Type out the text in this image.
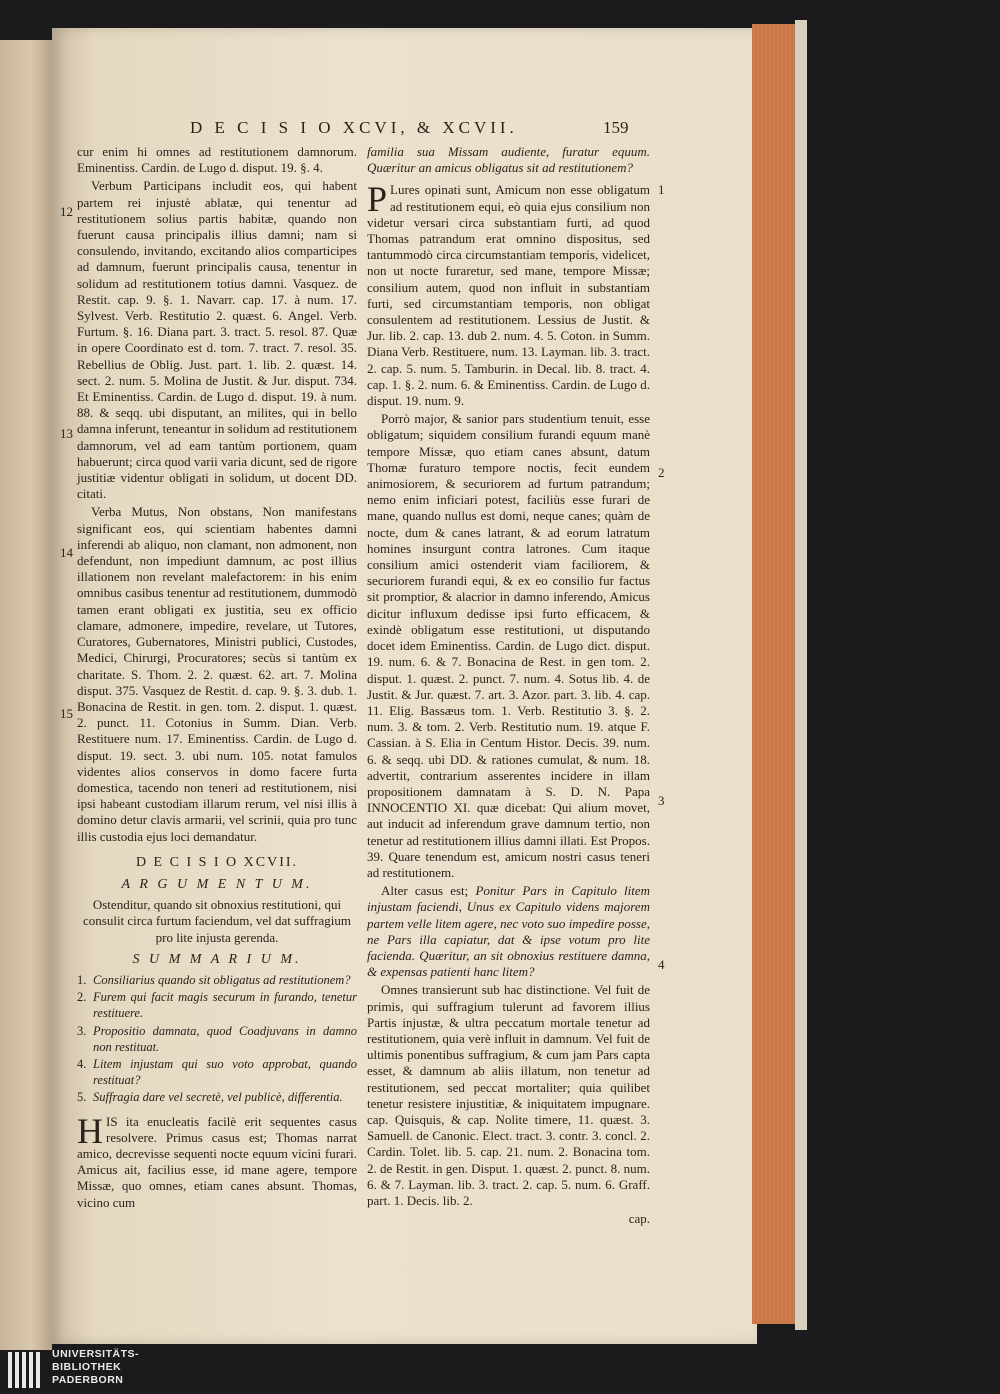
D E C I S I O XCVI, & XCVII.	159
12
13
14
15
1
2
3
4

cur enim hi omnes ad restitutionem damnorum. Eminentiss. Cardin. de Lugo d. disput. 19. §. 4.

Verbum Participans includit eos, qui habent partem rei injustè ablatæ, qui tenentur ad restitutionem solius partis habitæ, quando non fuerunt causa principalis illius damni; nam si consulendo, invitando, excitando alios comparticipes ad damnum, fuerunt principalis causa, tenentur in solidum ad restitutionem totius damni. Vasquez. de Restit. cap. 9. §. 1. Navarr. cap. 17. à num. 17. Sylvest. Verb. Restitutio 2. quæst. 6. Angel. Verb. Furtum. §. 16. Diana part. 3. tract. 5. resol. 87. Quæ in opere Coordinato est d. tom. 7. tract. 7. resol. 35. Rebellius de Oblig. Just. part. 1. lib. 2. quæst. 14. sect. 2. num. 5. Molina de Justit. & Jur. disput. 734. Et Eminentiss. Cardin. de Lugo d. disput. 19. à num. 88. & seqq. ubi disputant, an milites, qui in bello damna inferunt, teneantur in solidum ad restitutionem damnorum, vel ad eam tantùm portionem, quam habuerunt; circa quod varii varia dicunt, sed de rigore justitiæ videntur obligati in solidum, ut docent DD. citati.

Verba Mutus, Non obstans, Non manifestans significant eos, qui scientiam habentes damni inferendi ab aliquo, non clamant, non admonent, non defendunt, non impediunt damnum, ac post illius illationem non revelant malefactorem: in his enim omnibus casibus tenentur ad restitutionem, dummodò tamen erant obligati ex justitia, seu ex officio clamare, admonere, impedire, revelare, ut Tutores, Curatores, Gubernatores, Ministri publici, Custodes, Medici, Chirurgi, Procuratores; secùs si tantùm ex charitate. S. Thom. 2. 2. quæst. 62. art. 7. Molina disput. 375. Vasquez de Restit. d. cap. 9. §. 3. dub. 1. Bonacina de Restit. in gen. tom. 2. disput. 1. quæst. 2. punct. 11. Cotonius in Summ. Dian. Verb. Restituere num. 17. Eminentiss. Cardin. de Lugo d. disput. 19. sect. 3. ubi num. 105. notat famulos videntes alios conservos in domo facere furta domestica, tacendo non teneri ad restitutionem, nisi ipsi habeant custodiam illarum rerum, vel nisi illis à domino detur clavis armarii, vel scrinii, quia pro tunc illis custodia ejus loci demandatur.

D E C I S I O XCVII.

A R G U M E N T U M.

Ostenditur, quando sit obnoxius restitutioni, qui consulit circa furtum faciendum, vel dat suffragium pro lite injusta gerenda.

S U M M A R I U M.

1. Consiliarius quando sit obligatus ad restitutionem?

2. Furem qui facit magis securum in furando, tenetur restituere.

3. Propositio damnata, quod Coadjuvans in damno non restituat.

4. Litem injustam qui suo voto approbat, quando restituat?

5. Suffragia dare vel secretè, vel publicè, differentia.

HIS ita enucleatis facilè erit sequentes casus resolvere. Primus casus est; Thomas narrat amico, decrevisse sequenti nocte equum vicini furari. Amicus ait, facilius esse, id mane agere, tempore Missæ, quo omnes, etiam canes absunt. Thomas, vicino cum

familia sua Missam audiente, furatur equum. Quæritur an amicus obligatus sit ad restitutionem?

P Lures opinati sunt, Amicum non esse obligatum ad restitutionem equi, eò quia ejus consilium non videtur versari circa substantiam furti, ad quod Thomas patrandum erat omnino dispositus, sed tantummodò circa circumstantiam temporis, videlicet, non ut nocte furaretur, sed mane, tempore Missæ; consilium autem, quod non influit in substantiam furti, sed circumstantiam temporis, non obligat consulentem ad restitutionem. Lessius de Justit. & Jur. lib. 2. cap. 13. dub 2. num. 4. 5. Coton. in Summ. Diana Verb. Restituere, num. 13. Layman. lib. 3. tract. 2. cap. 5. num. 5. Tamburin. in Decal. lib. 8. tract. 4. cap. 1. §. 2. num. 6. & Eminentiss. Cardin. de Lugo d. disput. 19. num. 9.

Porrò major, & sanior pars studentium tenuit, esse obligatum; siquidem consilium furandi equum manè tempore Missæ, quo etiam canes absunt, datum Thomæ furaturo tempore noctis, fecit eundem animosiorem, & securiorem ad furtum patrandum; nemo enim inficiari potest, faciliùs esse furari de mane, quando nullus est domi, neque canes; quàm de nocte, dum & canes latrant, & ad eorum latratum homines insurgunt contra latrones. Cum itaque consilium amici ostenderit viam faciliorem, & securiorem furandi equi, & ex eo consilio fur factus sit promptior, & alacrior in damno inferendo, Amicus dicitur influxum dedisse ipsi furto efficacem, & exindè obligatum esse restitutioni, ut disputando docet idem Eminentiss. Cardin. de Lugo dict. disput. 19. num. 6. & 7. Bonacina de Rest. in gen tom. 2. disput. 1. quæst. 2. punct. 7. num. 4. Sotus lib. 4. de Justit. & Jur. quæst. 7. art. 3. Azor. part. 3. lib. 4. cap. 11. Elig. Bassæus tom. 1. Verb. Restitutio 3. §. 2. num. 3. & tom. 2. Verb. Restitutio num. 19. atque F. Cassian. à S. Elia in Centum Histor. Decis. 39. num. 6. & seqq. ubi DD. & rationes cumulat, & num. 18. advertit, contrarium asserentes incidere in illam propositionem damnatam à S. D. N. Papa INNOCENTIO XI. quæ dicebat: Qui alium movet, aut inducit ad inferendum grave damnum tertio, non tenetur ad restitutionem illius damni illati. Est Propos. 39. Quare tenendum est, amicum nostri casus teneri ad restitutionem.

Alter casus est; Ponitur Pars in Capitulo litem injustam faciendi, Unus ex Capitulo videns majorem partem velle litem agere, nec voto suo impedire posse, ne Pars illa capiatur, dat & ipse votum pro lite facienda. Quæritur, an sit obnoxius restituere damna, & expensas patienti hanc litem?

Omnes transierunt sub hac distinctione. Vel fuit de primis, qui suffragium tulerunt ad favorem illius Partis injustæ, & ultra peccatum mortale tenetur ad restitutionem, quia verè influit in damnum. Vel fuit de ultimis ponentibus suffragium, & cum jam Pars capta esset, & damnum ab aliis illatum, non tenetur ad restitutionem, sed peccat mortaliter; quia quilibet tenetur resistere injustitiæ, & iniquitatem impugnare. cap. Quisquis, & cap. Nolite timere, 11. quæst. 3. Samuell. de Canonic. Elect. tract. 3. contr. 3. concl. 2. Cardin. Tolet. lib. 5. cap. 21. num. 2. Bonacina tom. 2. de Restit. in gen. Disput. 1. quæst. 2. punct. 8. num. 6. & 7. Layman. lib. 3. tract. 2. cap. 5. num. 6. Graff. part. 1. Decis. lib. 2.

cap.

UNIVERSITÄTS-
BIBLIOTHEK
PADERBORN
